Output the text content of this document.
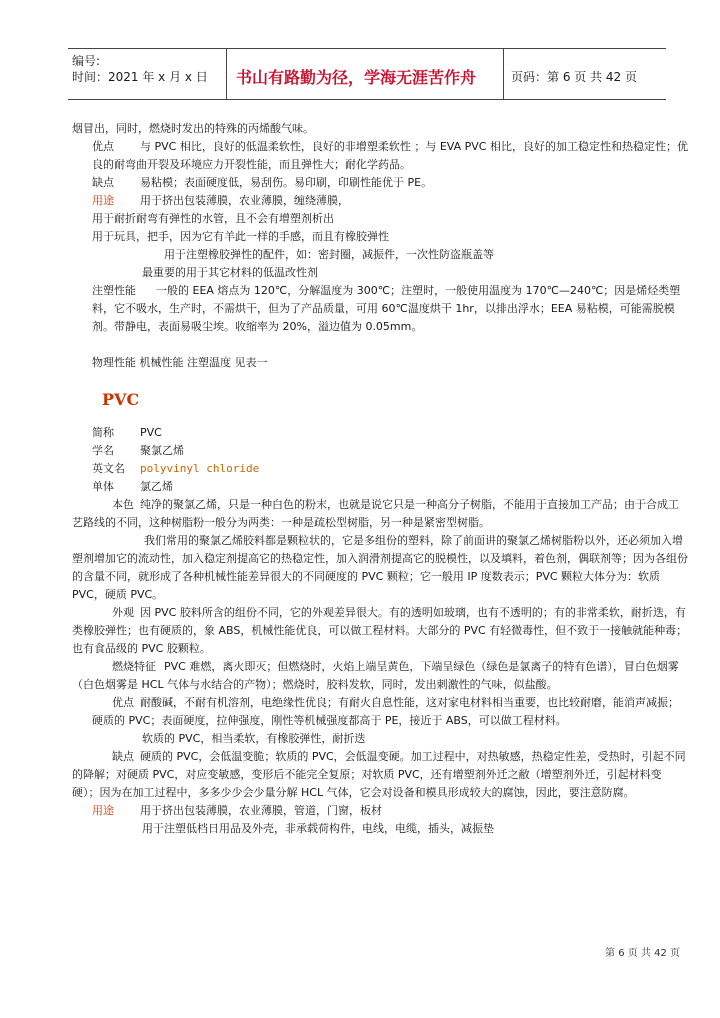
编号:
时间：2021 年 x 月 x 日 书山有路勤为径，学海无涯苦作舟	页码：第 6 页 共 42 页

烟冒出，同时，燃烧时发出的特殊的丙烯酸气味。

优点 与 PVC 相比，良好的低温柔软性，良好的非增塑柔软性 ；与 EVA PVC 相比，良好的加工稳定性和热稳定性；优良的耐弯曲开裂及环境应力开裂性能，而且弹性大；耐化学药品。

缺点 易粘模；表面硬度低，易刮伤。易印刷，印刷性能优于 PE。

用途 用于挤出包装薄膜，农业薄膜，缠绕薄膜，

用于耐折耐弯有弹性的水管，且不会有增塑剂析出

用于玩具，把手，因为它有羊此一样的手感，而且有橡胶弹性

用于注塑橡胶弹性的配件，如：密封圈，减振件，一次性防盗瓶盖等

最重要的用于其它材料的低温改性剂

注塑性能 一般的 EEA 熔点为 120℃，分解温度为 300℃；注塑时，一般使用温度为 170℃—240℃；因是烯烃类塑料，它不吸水，生产时，不需烘干，但为了产品质量，可用 60℃温度烘干 1hr，以排出浮水；EEA 易粘模，可能需脱模剂。带静电，表面易吸尘埃。收缩率为 20%，溢边值为 0.05mm。

物理性能 机械性能 注塑温度 见表一

PVC

简称 PVC

学名 聚氯乙烯

英文名 polyvinyl chloride

单体 氯乙烯

本色 纯净的聚氯乙烯，只是一种白色的粉末，也就是说它只是一种高分子树脂，不能用于直接加工产品；由于合成工艺路线的不同，这种树脂粉一般分为两类：一种是疏松型树脂，另一种是紧密型树脂。

我们常用的聚氯乙烯胶料都是颗粒状的，它是多组份的塑料，除了前面讲的聚氯乙烯树脂粉以外，还必须加入增塑剂增加它的流动性，加入稳定剂提高它的热稳定性，加入润滑剂提高它的脱模性，以及填料，着色剂，偶联剂等；因为各组份的含量不同，就形成了各种机械性能差异很大的不同硬度的 PVC 颗粒；它一般用 IP 度数表示；PVC 颗粒大体分为：软质 PVC，硬质 PVC。

外观 因 PVC 胶料所含的组份不同，它的外观差异很大。有的透明如玻璃，也有不透明的；有的非常柔软，耐折迭，有类橡胶弹性；也有硬质的，象 ABS，机械性能优良，可以做工程材料。大部分的 PVC 有轻微毒性，但不致于一接触就能种毒；也有食品级的 PVC 胶颗粒。

燃烧特征 PVC 难燃，离火即灭；但燃烧时，火焰上端呈黄色，下端呈绿色（绿色是氯离子的特有色谱），冒白色烟雾（白色烟雾是 HCL 气体与水结合的产物）；燃烧时，胶料发软，同时，发出刺激性的气味，似盐酸。

优点 耐酸碱，不耐有机溶剂，电绝缘性优良；有耐火自息性能，这对家电材料相当重要，也比较耐磨，能消声减振；

硬质的 PVC；表面硬度，拉伸强度，刚性等机械强度都高于 PE，接近于 ABS，可以做工程材料。

软质的 PVC，相当柔软，有橡胶弹性，耐折迭

缺点 硬质的 PVC，会低温变脆；软质的 PVC，会低温变硬。加工过程中，对热敏感，热稳定性差，受热时，引起不同的降解；对硬质 PVC，对应变敏感，变形后不能完全复原；对软质 PVC，还有增塑剂外迁之敝（增塑剂外迁，引起材料变硬）；因为在加工过程中，多多少少会少量分解 HCL 气体，它会对设备和模具形成较大的腐蚀，因此，要注意防腐。

用途 用于挤出包装薄膜，农业薄膜，管道，门窗，板材

用于注塑低档日用品及外壳，非承载荷构件，电线，电缆，插头，减振垫

第 6 页 共 42 页
